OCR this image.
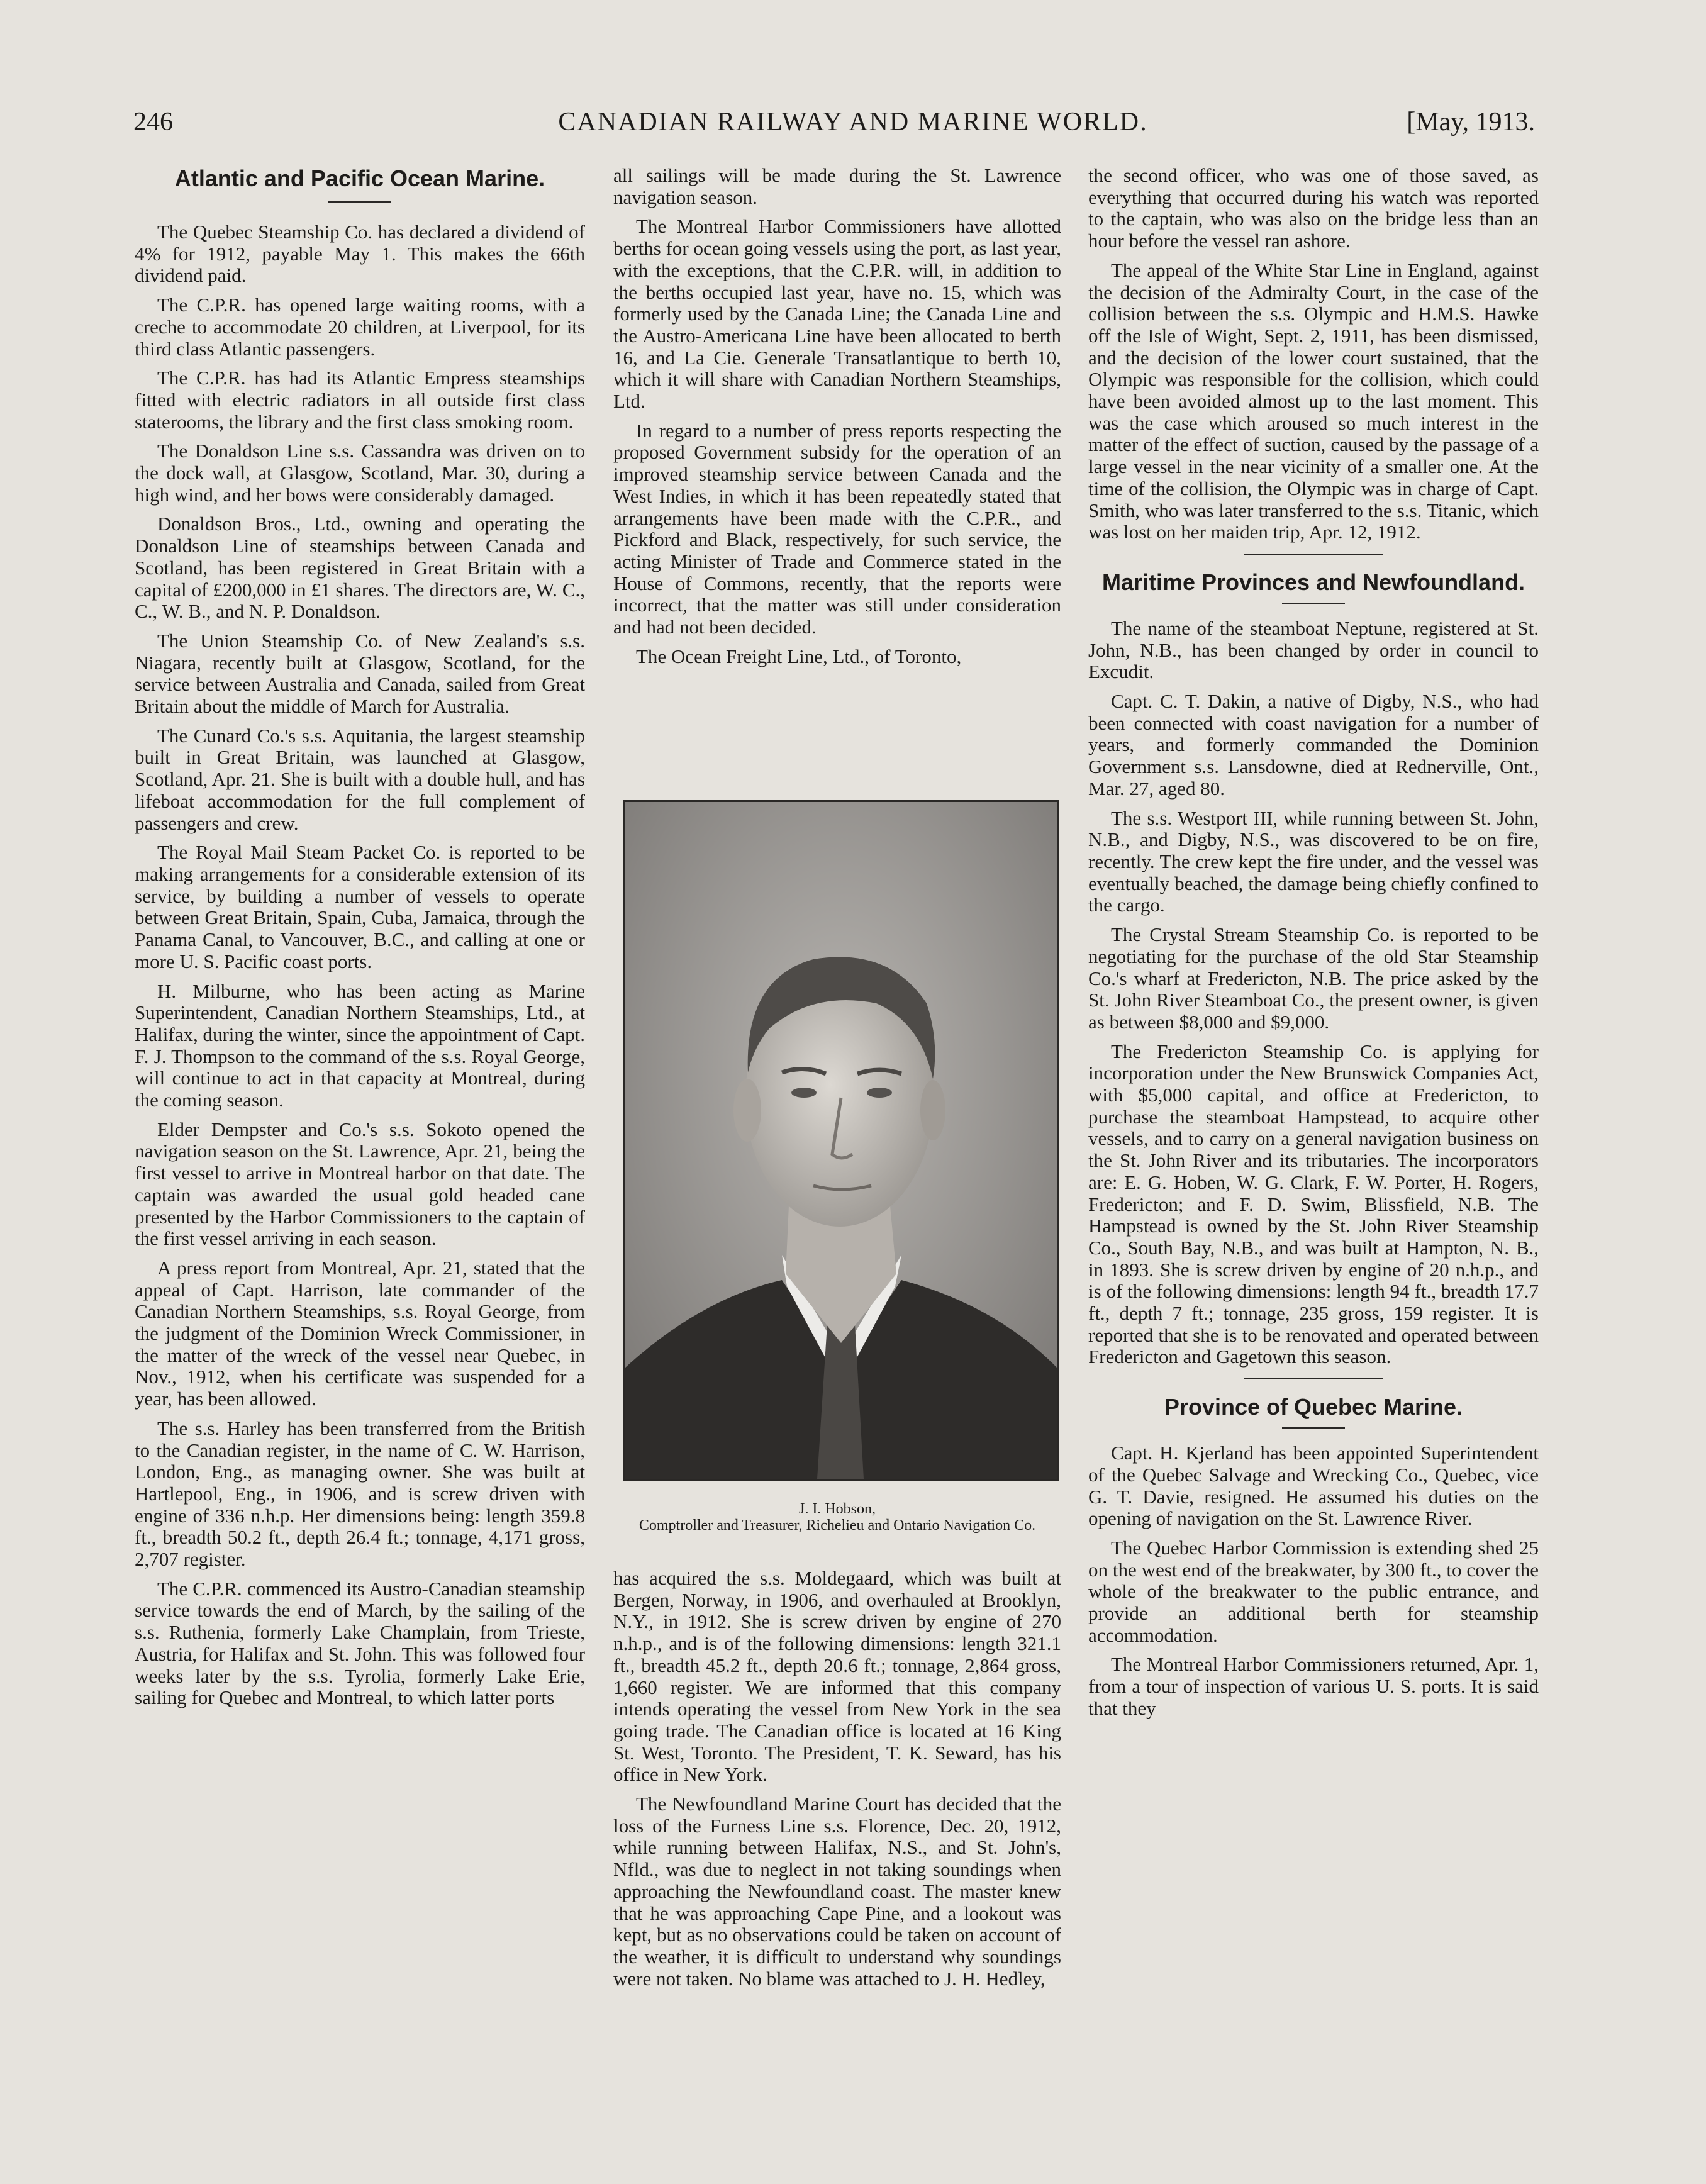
246	CANADIAN RAILWAY AND MARINE WORLD.	[May, 1913.
Atlantic and Pacific Ocean Marine.

The Quebec Steamship Co. has declared a dividend of 4% for 1912, payable May 1. This makes the 66th dividend paid.

The C.P.R. has opened large waiting rooms, with a creche to accommodate 20 children, at Liverpool, for its third class Atlantic passengers.

The C.P.R. has had its Atlantic Empress steamships fitted with electric radiators in all outside first class staterooms, the library and the first class smoking room.

The Donaldson Line s.s. Cassandra was driven on to the dock wall, at Glasgow, Scotland, Mar. 30, during a high wind, and her bows were considerably damaged.

Donaldson Bros., Ltd., owning and operating the Donaldson Line of steamships between Canada and Scotland, has been registered in Great Britain with a capital of £200,000 in £1 shares. The directors are, W. C., C., W. B., and N. P. Donaldson.

The Union Steamship Co. of New Zealand's s.s. Niagara, recently built at Glasgow, Scotland, for the service between Australia and Canada, sailed from Great Britain about the middle of March for Australia.

The Cunard Co.'s s.s. Aquitania, the largest steamship built in Great Britain, was launched at Glasgow, Scotland, Apr. 21. She is built with a double hull, and has lifeboat accommodation for the full complement of passengers and crew.

The Royal Mail Steam Packet Co. is reported to be making arrangements for a considerable extension of its service, by building a number of vessels to operate between Great Britain, Spain, Cuba, Jamaica, through the Panama Canal, to Vancouver, B.C., and calling at one or more U. S. Pacific coast ports.

H. Milburne, who has been acting as Marine Superintendent, Canadian Northern Steamships, Ltd., at Halifax, during the winter, since the appointment of Capt. F. J. Thompson to the command of the s.s. Royal George, will continue to act in that capacity at Montreal, during the coming season.

Elder Dempster and Co.'s s.s. Sokoto opened the navigation season on the St. Lawrence, Apr. 21, being the first vessel to arrive in Montreal harbor on that date. The captain was awarded the usual gold headed cane presented by the Harbor Commissioners to the captain of the first vessel arriving in each season.

A press report from Montreal, Apr. 21, stated that the appeal of Capt. Harrison, late commander of the Canadian Northern Steamships, s.s. Royal George, from the judgment of the Dominion Wreck Commissioner, in the matter of the wreck of the vessel near Quebec, in Nov., 1912, when his certificate was suspended for a year, has been allowed.

The s.s. Harley has been transferred from the British to the Canadian register, in the name of C. W. Harrison, London, Eng., as managing owner. She was built at Hartlepool, Eng., in 1906, and is screw driven with engine of 336 n.h.p. Her dimensions being: length 359.8 ft., breadth 50.2 ft., depth 26.4 ft.; tonnage, 4,171 gross, 2,707 register.

The C.P.R. commenced its Austro-Canadian steamship service towards the end of March, by the sailing of the s.s. Ruthenia, formerly Lake Champlain, from Trieste, Austria, for Halifax and St. John. This was followed four weeks later by the s.s. Tyrolia, formerly Lake Erie, sailing for Quebec and Montreal, to which latter ports

all sailings will be made during the St. Lawrence navigation season.

The Montreal Harbor Commissioners have allotted berths for ocean going vessels using the port, as last year, with the exceptions, that the C.P.R. will, in addition to the berths occupied last year, have no. 15, which was formerly used by the Canada Line; the Canada Line and the Austro-Americana Line have been allocated to berth 16, and La Cie. Generale Transatlantique to berth 10, which it will share with Canadian Northern Steamships, Ltd.

In regard to a number of press reports respecting the proposed Government subsidy for the operation of an improved steamship service between Canada and the West Indies, in which it has been repeatedly stated that arrangements have been made with the C.P.R., and Pickford and Black, respectively, for such service, the acting Minister of Trade and Commerce stated in the House of Commons, recently, that the reports were incorrect, that the matter was still under consideration and had not been decided.

The Ocean Freight Line, Ltd., of Toronto,

J. I. Hobson,
Comptroller and Treasurer, Richelieu and Ontario Navigation Co.

has acquired the s.s. Moldegaard, which was built at Bergen, Norway, in 1906, and overhauled at Brooklyn, N.Y., in 1912. She is screw driven by engine of 270 n.h.p., and is of the following dimensions: length 321.1 ft., breadth 45.2 ft., depth 20.6 ft.; tonnage, 2,864 gross, 1,660 register. We are informed that this company intends operating the vessel from New York in the sea going trade. The Canadian office is located at 16 King St. West, Toronto. The President, T. K. Seward, has his office in New York.

The Newfoundland Marine Court has decided that the loss of the Furness Line s.s. Florence, Dec. 20, 1912, while running between Halifax, N.S., and St. John's, Nfld., was due to neglect in not taking soundings when approaching the Newfoundland coast. The master knew that he was approaching Cape Pine, and a lookout was kept, but as no observations could be taken on account of the weather, it is difficult to understand why soundings were not taken. No blame was attached to J. H. Hedley,

the second officer, who was one of those saved, as everything that occurred during his watch was reported to the captain, who was also on the bridge less than an hour before the vessel ran ashore.

The appeal of the White Star Line in England, against the decision of the Admiralty Court, in the case of the collision between the s.s. Olympic and H.M.S. Hawke off the Isle of Wight, Sept. 2, 1911, has been dismissed, and the decision of the lower court sustained, that the Olympic was responsible for the collision, which could have been avoided almost up to the last moment. This was the case which aroused so much interest in the matter of the effect of suction, caused by the passage of a large vessel in the near vicinity of a smaller one. At the time of the collision, the Olympic was in charge of Capt. Smith, who was later transferred to the s.s. Titanic, which was lost on her maiden trip, Apr. 12, 1912.

Maritime Provinces and Newfoundland.

The name of the steamboat Neptune, registered at St. John, N.B., has been changed by order in council to Excudit.

Capt. C. T. Dakin, a native of Digby, N.S., who had been connected with coast navigation for a number of years, and formerly commanded the Dominion Government s.s. Lansdowne, died at Rednerville, Ont., Mar. 27, aged 80.

The s.s. Westport III, while running between St. John, N.B., and Digby, N.S., was discovered to be on fire, recently. The crew kept the fire under, and the vessel was eventually beached, the damage being chiefly confined to the cargo.

The Crystal Stream Steamship Co. is reported to be negotiating for the purchase of the old Star Steamship Co.'s wharf at Fredericton, N.B. The price asked by the St. John River Steamboat Co., the present owner, is given as between $8,000 and $9,000.

The Fredericton Steamship Co. is applying for incorporation under the New Brunswick Companies Act, with $5,000 capital, and office at Fredericton, to purchase the steamboat Hampstead, to acquire other vessels, and to carry on a general navigation business on the St. John River and its tributaries. The incorporators are: E. G. Hoben, W. G. Clark, F. W. Porter, H. Rogers, Fredericton; and F. D. Swim, Blissfield, N.B. The Hampstead is owned by the St. John River Steamship Co., South Bay, N.B., and was built at Hampton, N. B., in 1893. She is screw driven by engine of 20 n.h.p., and is of the following dimensions: length 94 ft., breadth 17.7 ft., depth 7 ft.; tonnage, 235 gross, 159 register. It is reported that she is to be renovated and operated between Fredericton and Gagetown this season.

Province of Quebec Marine.

Capt. H. Kjerland has been appointed Superintendent of the Quebec Salvage and Wrecking Co., Quebec, vice G. T. Davie, resigned. He assumed his duties on the opening of navigation on the St. Lawrence River.

The Quebec Harbor Commission is extending shed 25 on the west end of the breakwater, by 300 ft., to cover the whole of the breakwater to the public entrance, and provide an additional berth for steamship accommodation.

The Montreal Harbor Commissioners returned, Apr. 1, from a tour of inspection of various U. S. ports. It is said that they
